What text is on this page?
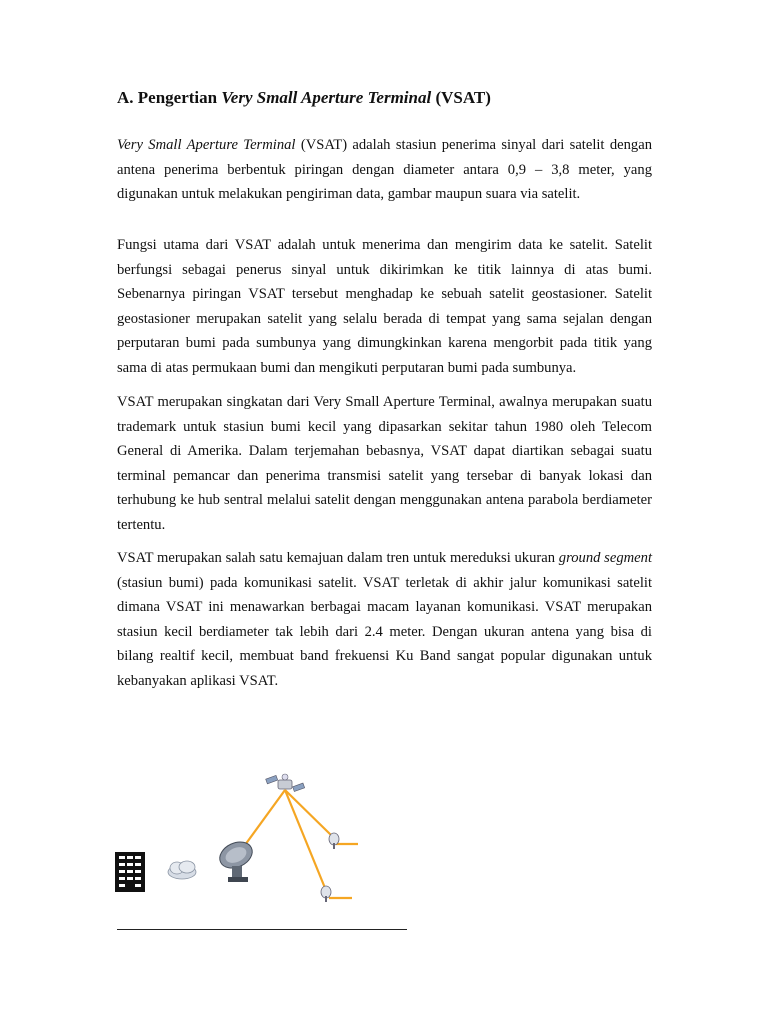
A. Pengertian Very Small Aperture Terminal (VSAT)

Very Small Aperture Terminal (VSAT) adalah stasiun penerima sinyal dari satelit dengan antena penerima berbentuk piringan dengan diameter antara 0,9 – 3,8 meter, yang digunakan untuk melakukan pengiriman data, gambar maupun suara via satelit.

Fungsi utama dari VSAT adalah untuk menerima dan mengirim data ke satelit. Satelit berfungsi sebagai penerus sinyal untuk dikirimkan ke titik lainnya di atas bumi. Sebenarnya piringan VSAT tersebut menghadap ke sebuah satelit geostasioner. Satelit geostasioner merupakan satelit yang selalu berada di tempat yang sama sejalan dengan perputaran bumi pada sumbunya yang dimungkinkan karena mengorbit pada titik yang sama di atas permukaan bumi dan mengikuti perputaran bumi pada sumbunya.

VSAT merupakan singkatan dari Very Small Aperture Terminal, awalnya merupakan suatu trademark untuk stasiun bumi kecil yang dipasarkan sekitar tahun 1980 oleh Telecom General di Amerika. Dalam terjemahan bebasnya, VSAT dapat diartikan sebagai suatu terminal pemancar dan penerima transmisi satelit yang tersebar di banyak lokasi dan terhubung ke hub sentral melalui satelit dengan menggunakan antena parabola berdiameter tertentu.

VSAT merupakan salah satu kemajuan dalam tren untuk mereduksi ukuran ground segment (stasiun bumi) pada komunikasi satelit. VSAT terletak di akhir jalur komunikasi satelit dimana VSAT ini menawarkan berbagai macam layanan komunikasi. VSAT merupakan stasiun kecil berdiameter tak lebih dari 2.4 meter. Dengan ukuran antena yang bisa di bilang realtif kecil, membuat band frekuensi Ku Band sangat popular digunakan untuk kebanyakan aplikasi VSAT.
